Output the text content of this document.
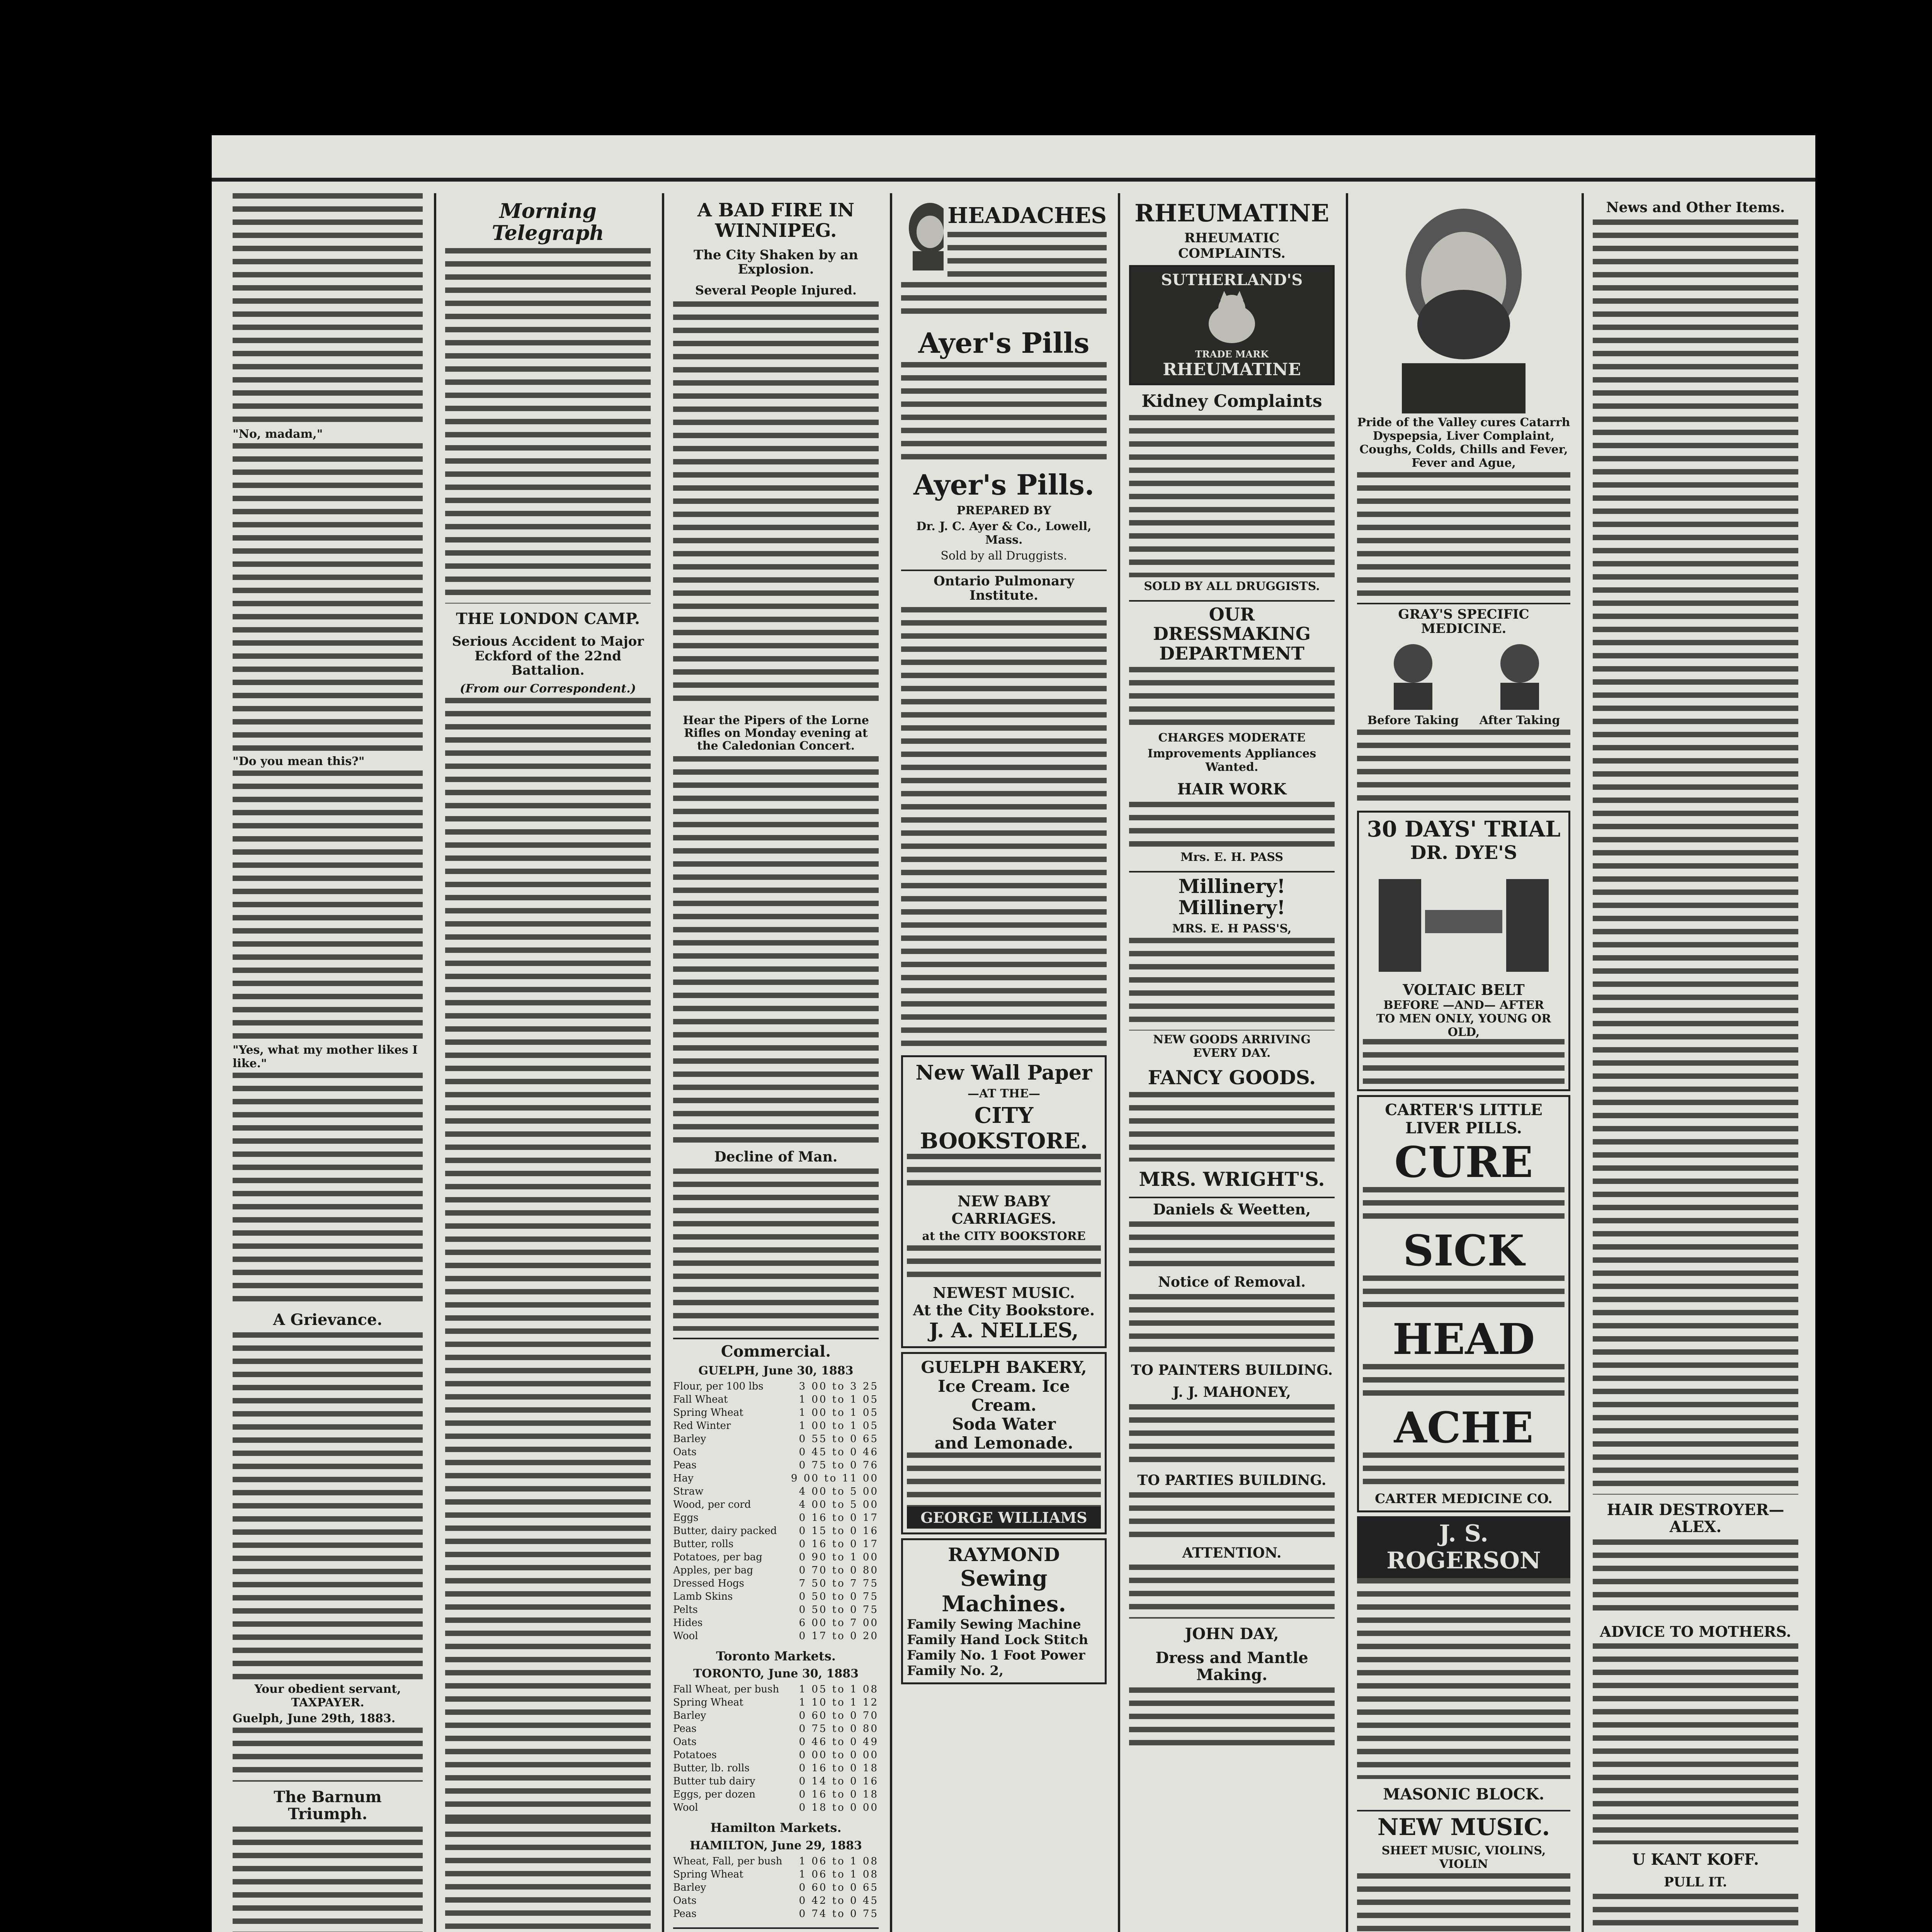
"No, madam,"
"Do you mean this?"
"Yes, what my mother likes I like."
A Grievance.
Your obedient servant, TAXPAYER.
Guelph, June 29th, 1883.
The Barnum Triumph.
Morning Telegraph
THE LONDON CAMP.
Serious Accident to Major Eckford of the 22nd Battalion.
(From our Correspondent.)
A BAD FIRE IN WINNIPEG.
The City Shaken by an Explosion.
Several People Injured.
Hear the Pipers of the Lorne Rifles on Monday evening at the Caledonian Concert.
Decline of Man.
Commercial.
GUELPH, June 30, 1883
Flour, per 100 lbs	3 00 to 3 25
Fall Wheat	1 00 to 1 05
Spring Wheat	1 00 to 1 05
Red Winter	1 00 to 1 05
Barley	0 55 to 0 65
Oats	0 45 to 0 46
Peas	0 75 to 0 76
Hay	9 00 to 11 00
Straw	4 00 to 5 00
Wood, per cord	4 00 to 5 00
Eggs	0 16 to 0 17
Butter, dairy packed 0 15 to 0 16
Butter, rolls	0 16 to 0 17
Potatoes, per bag	0 90 to 1 00
Apples, per bag	0 70 to 0 80
Dressed Hogs	7 50 to 7 75
Lamb Skins	0 50 to 0 75
Pelts	0 50 to 0 75
Hides	6 00 to 7 00
Wool	0 17 to 0 20
Toronto Markets.
TORONTO, June 30, 1883
Fall Wheat, per bush 1 05 to 1 08
Spring Wheat	1 10 to 1 12
Barley	0 60 to 0 70
Peas	0 75 to 0 80
Oats	0 46 to 0 49
Potatoes	0 00 to 0 00
Butter, lb. rolls	0 16 to 0 18
Butter tub dairy	0 14 to 0 16
Eggs, per dozen	0 16 to 0 18
Wool	0 18 to 0 00
Hamilton Markets.
HAMILTON, June 29, 1883
Wheat, Fall, per bush 1 06 to 1 08
Spring Wheat	1 06 to 1 08
Barley	0 60 to 0 65
Oats	0 42 to 0 45
Peas	0 74 to 0 75
HEADACHES
Ayer's Pills
Ayer's Pills.
PREPARED BY
Dr. J. C. Ayer & Co., Lowell, Mass.
Sold by all Druggists.
Ontario Pulmonary Institute.
New Wall Paper
—AT THE—
CITY BOOKSTORE.
NEW BABY CARRIAGES.
at the CITY BOOKSTORE
NEWEST MUSIC.
At the City Bookstore.
J. A. NELLES,
GUELPH BAKERY,
Ice Cream. Ice Cream.
Soda Water
and Lemonade.
GEORGE WILLIAMS
RAYMOND
Sewing Machines.
Family Sewing Machine
Family Hand Lock Stitch
Family No. 1 Foot Power
Family No. 2,
RHEUMATINE
RHEUMATIC COMPLAINTS.
SUTHERLAND'S
TRADE MARK
RHEUMATINE
Kidney Complaints
SOLD BY ALL DRUGGISTS.
OUR DRESSMAKING DEPARTMENT
CHARGES MODERATE
Improvements Appliances Wanted.
HAIR WORK
Mrs. E. H. PASS
Millinery! Millinery!
MRS. E. H PASS'S,
NEW GOODS ARRIVING EVERY DAY.
FANCY GOODS.
MRS. WRIGHT'S.
Daniels & Weetten,
Notice of Removal.
TO PAINTERS BUILDING.
J. J. MAHONEY,
TO PARTIES BUILDING.
ATTENTION.
JOHN DAY,
Dress and Mantle Making.
Pride of the Valley cures Catarrh Dyspepsia, Liver Complaint, Coughs, Colds, Chills and Fever, Fever and Ague,
GRAY'S SPECIFIC MEDICINE.
Before Taking After Taking
30 DAYS' TRIAL
DR. DYE'S
VOLTAIC BELT
BEFORE —AND— AFTER
TO MEN ONLY, YOUNG OR OLD,
CARTER'S LITTLE LIVER PILLS.
CURE
SICK
HEAD
ACHE
CARTER MEDICINE CO.
J. S. ROGERSON
MASONIC BLOCK.
NEW MUSIC.
SHEET MUSIC, VIOLINS, VIOLIN
News and Other Items.
HAIR DESTROYER—ALEX.
ADVICE TO MOTHERS.
U KANT KOFF.
PULL IT.
